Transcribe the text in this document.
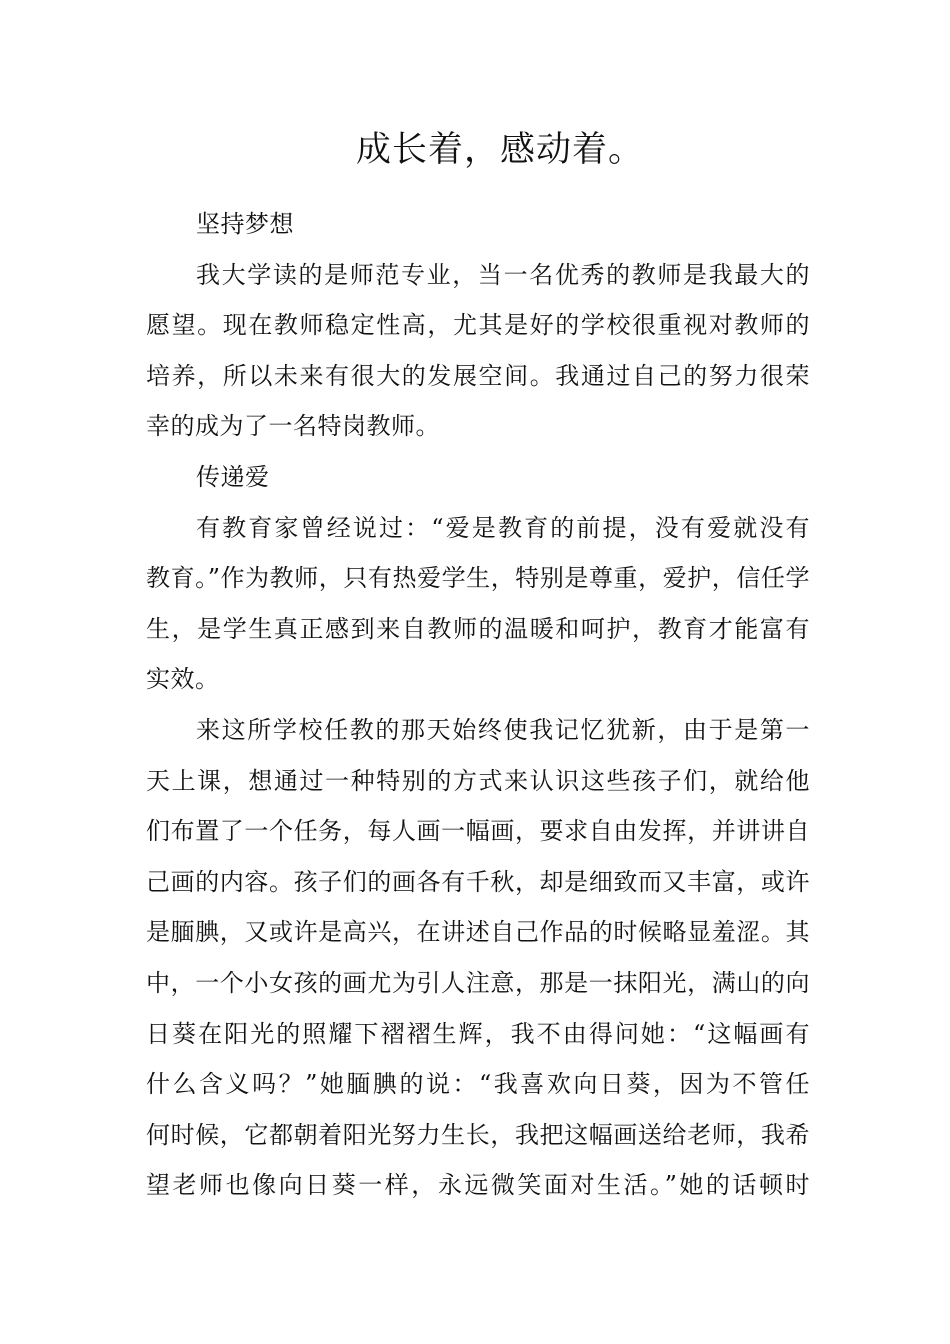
成长着，感动着。
坚持梦想
我大学读的是师范专业，当一名优秀的教师是我最大的
愿望。现在教师稳定性高，尤其是好的学校很重视对教师的
培养，所以未来有很大的发展空间。我通过自己的努力很荣
幸的成为了一名特岗教师。
传递爱
有教育家曾经说过：“爱是教育的前提，没有爱就没有
教育。”作为教师，只有热爱学生，特别是尊重，爱护，信任学
生，是学生真正感到来自教师的温暖和呵护，教育才能富有
实效。
来这所学校任教的那天始终使我记忆犹新，由于是第一
天上课，想通过一种特别的方式来认识这些孩子们，就给他
们布置了一个任务，每人画一幅画，要求自由发挥，并讲讲自
己画的内容。孩子们的画各有千秋，却是细致而又丰富，或许
是腼腆，又或许是高兴，在讲述自己作品的时候略显羞涩。其
中，一个小女孩的画尤为引人注意，那是一抹阳光，满山的向
日葵在阳光的照耀下褶褶生辉，我不由得问她：“这幅画有
什么含义吗？”她腼腆的说：“我喜欢向日葵，因为不管任
何时候，它都朝着阳光努力生长，我把这幅画送给老师，我希
望老师也像向日葵一样，永远微笑面对生活。”她的话顿时
